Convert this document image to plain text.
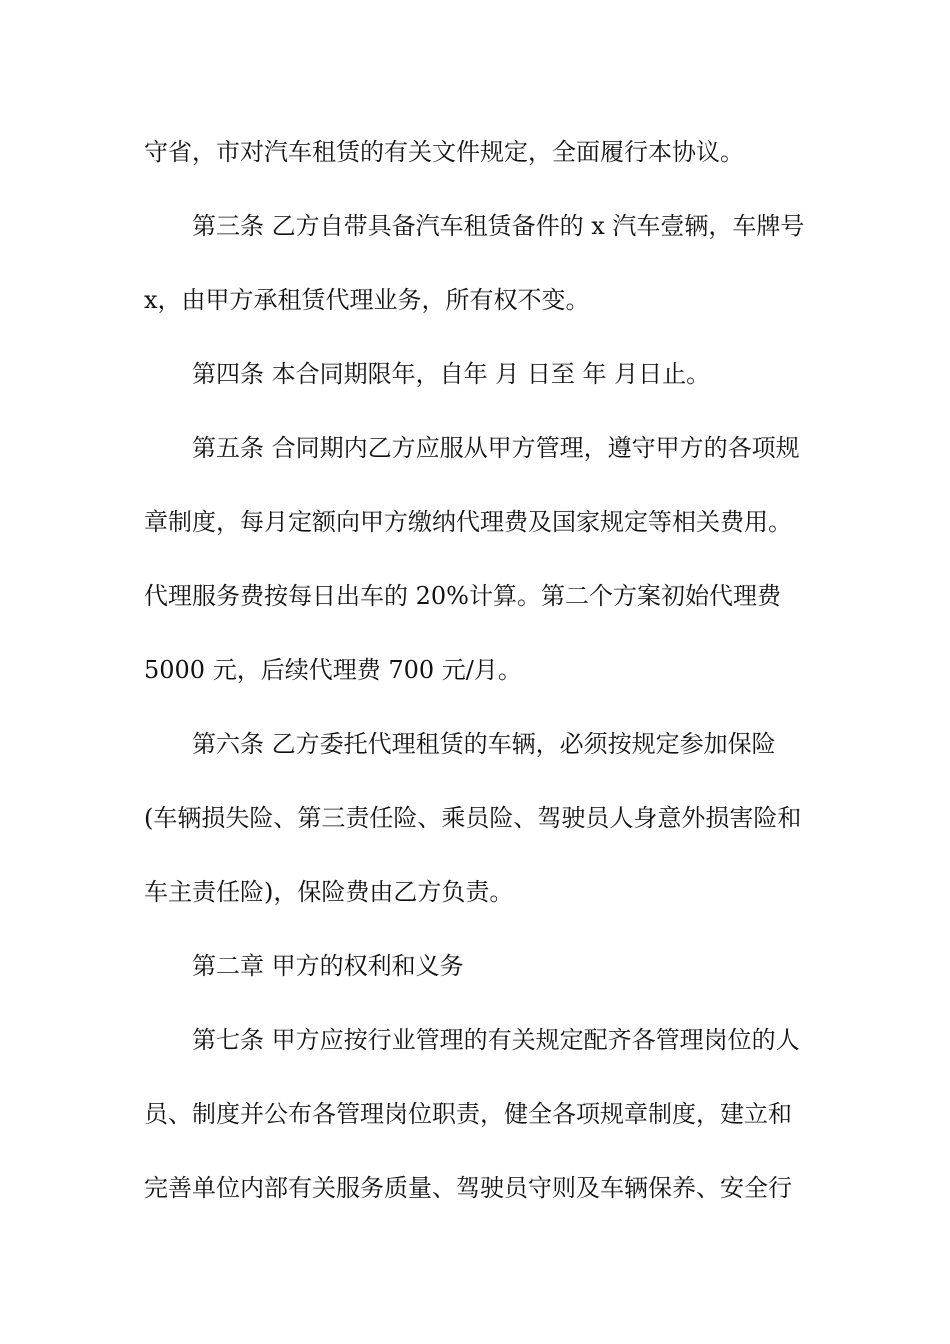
守省，市对汽车租赁的有关文件规定，全面履行本协议。

第三条 乙方自带具备汽车租赁备件的 x 汽车壹辆，车牌号

x，由甲方承租赁代理业务，所有权不变。

第四条 本合同期限年，自年 月 日至 年 月日止。

第五条 合同期内乙方应服从甲方管理，遵守甲方的各项规

章制度，每月定额向甲方缴纳代理费及国家规定等相关费用。

代理服务费按每日出车的 20%计算。第二个方案初始代理费

5000 元，后续代理费 700 元/月。

第六条 乙方委托代理租赁的车辆，必须按规定参加保险

(车辆损失险、第三责任险、乘员险、驾驶员人身意外损害险和

车主责任险)，保险费由乙方负责。

第二章 甲方的权利和义务

第七条 甲方应按行业管理的有关规定配齐各管理岗位的人

员、制度并公布各管理岗位职责，健全各项规章制度，建立和

完善单位内部有关服务质量、驾驶员守则及车辆保养、安全行
